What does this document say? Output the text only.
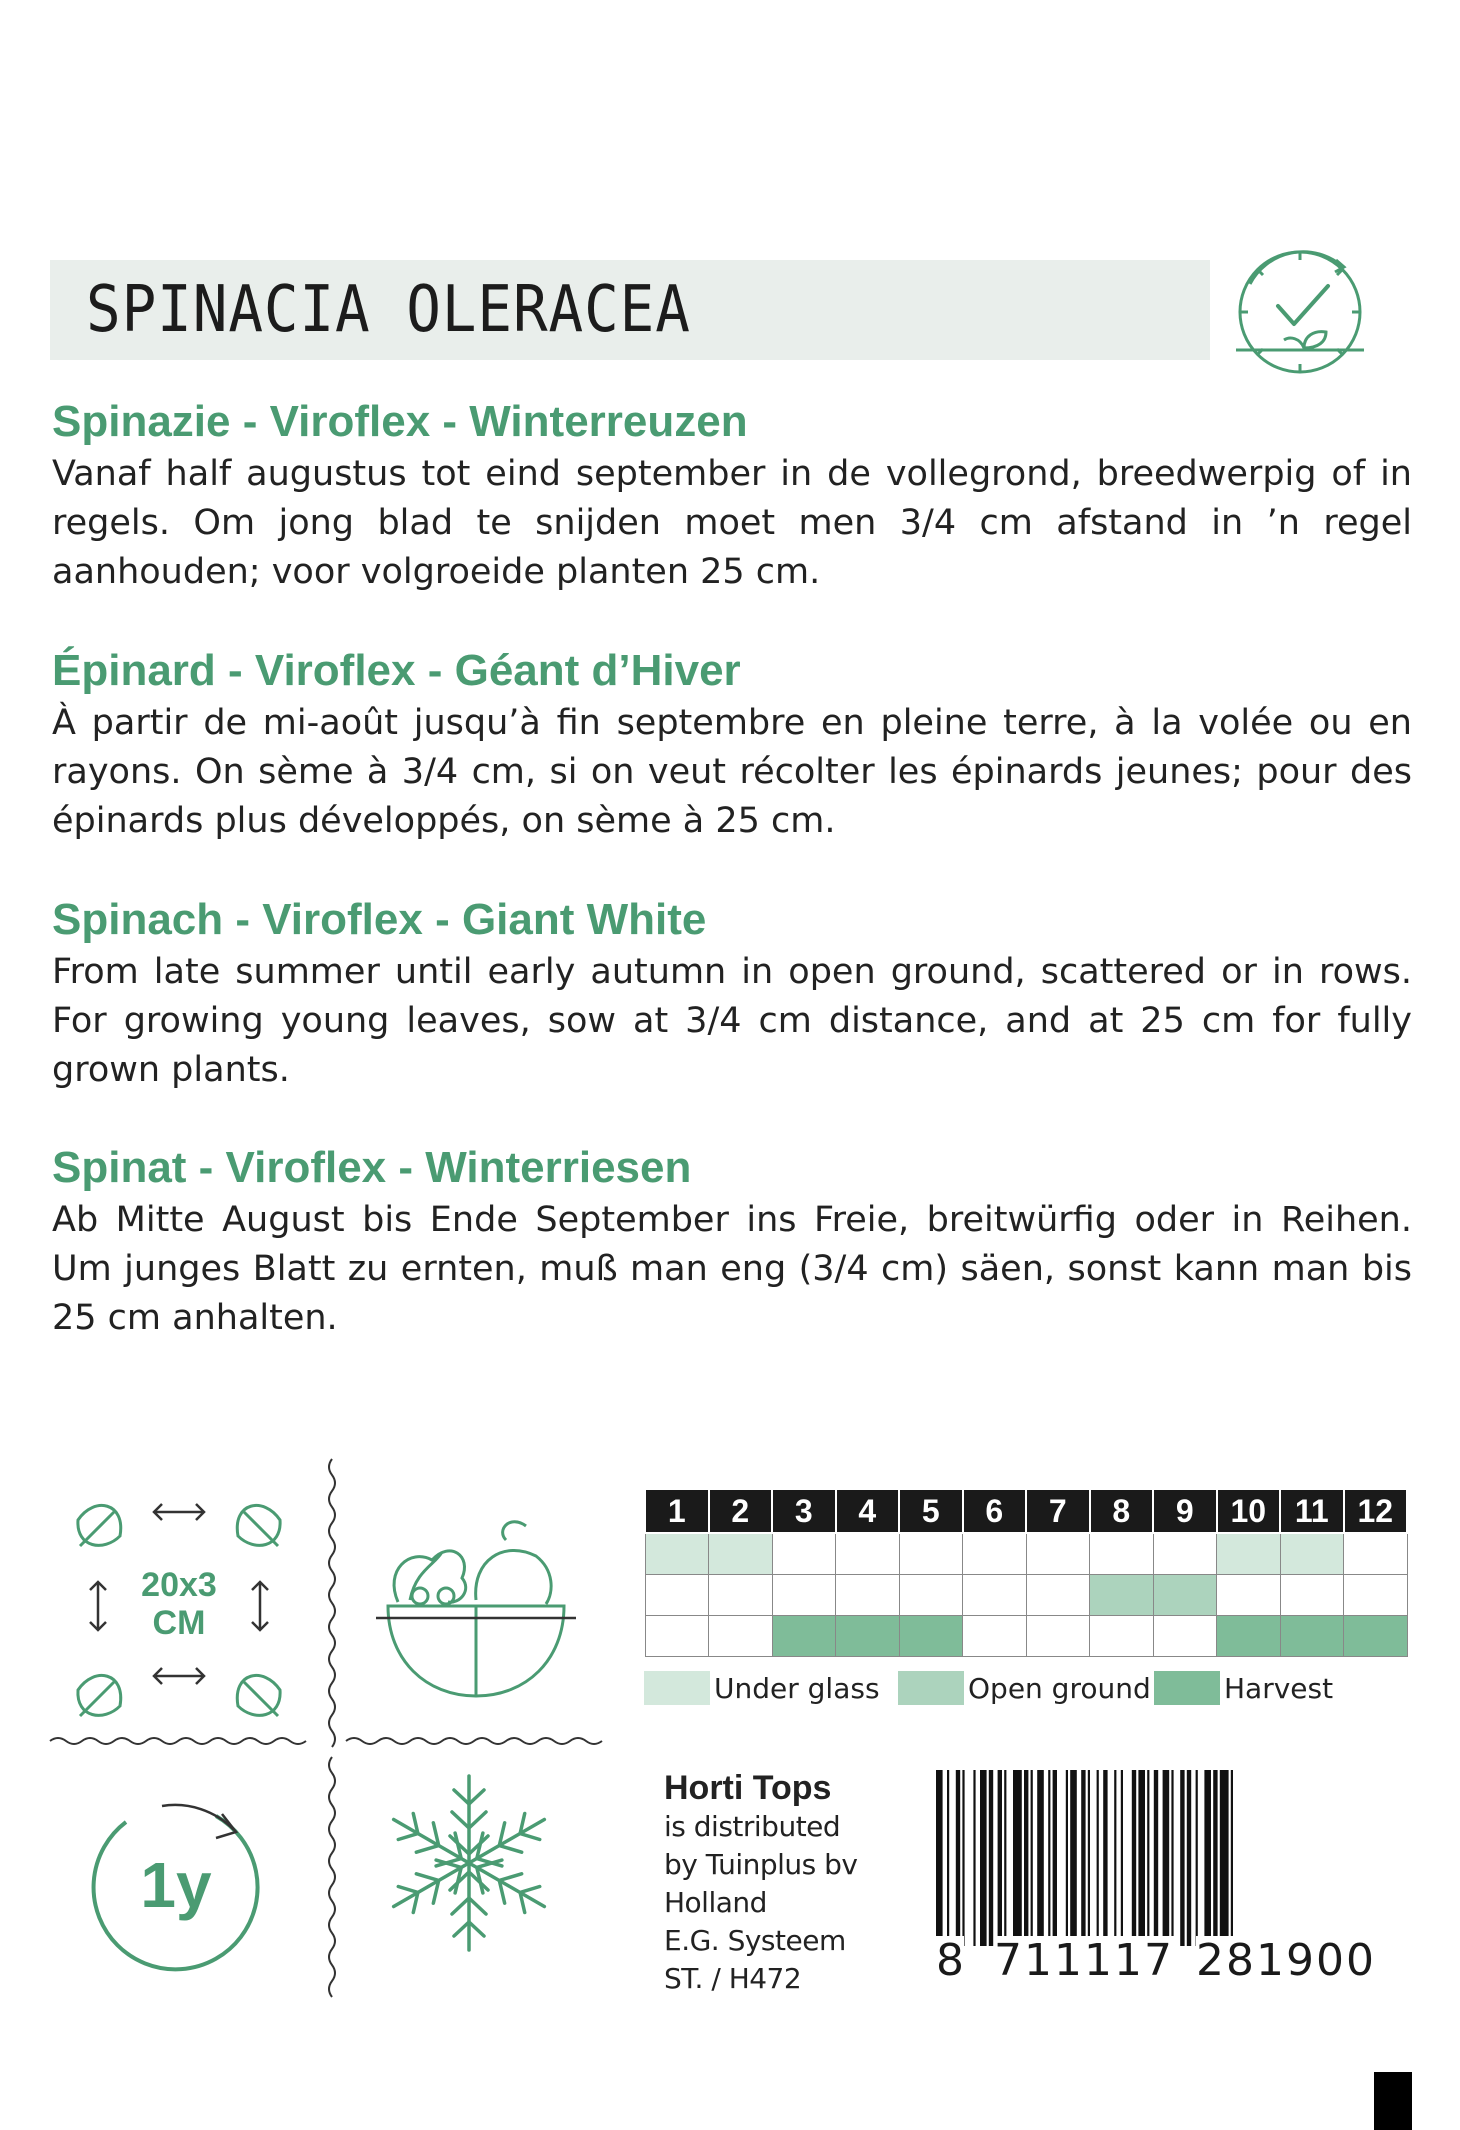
SPINACIA OLERACEA
Spinazie - Viroflex - Winterreuzen
Vanaf half augustus tot eind september in de vollegrond, breedwerpig of in regels. Om jong blad te snijden moet men 3/4 cm afstand in ’n regel aanhouden; voor volgroeide planten 25 cm.
Épinard - Viroflex - Géant d’Hiver
À partir de mi-août jusqu’à fin septembre en pleine terre, à la volée ou en rayons. On sème à 3/4 cm, si on veut récolter les épinards jeunes; pour des épinards plus développés, on sème à 25 cm.
Spinach - Viroflex - Giant White
From late summer until early autumn in open ground, scattered or in rows. For growing young leaves, sow at 3/4 cm distance, and at 25 cm for fully grown plants.
Spinat - Viroflex - Winterriesen
Ab Mitte August bis Ende September ins Freie, breitwürfig oder in Reihen. Um junges Blatt zu ernten, muß man eng (3/4 cm) säen, sonst kann man bis 25 cm anhalten.
20x3
CM
1y
1	2	3	4	5	6	7	8	9	10	11	12

Under glass	Open ground	Harvest
Horti Tops
is distributed
by Tuinplus bv
Holland
E.G. Systeem
ST. / H472	8 711117 281900
